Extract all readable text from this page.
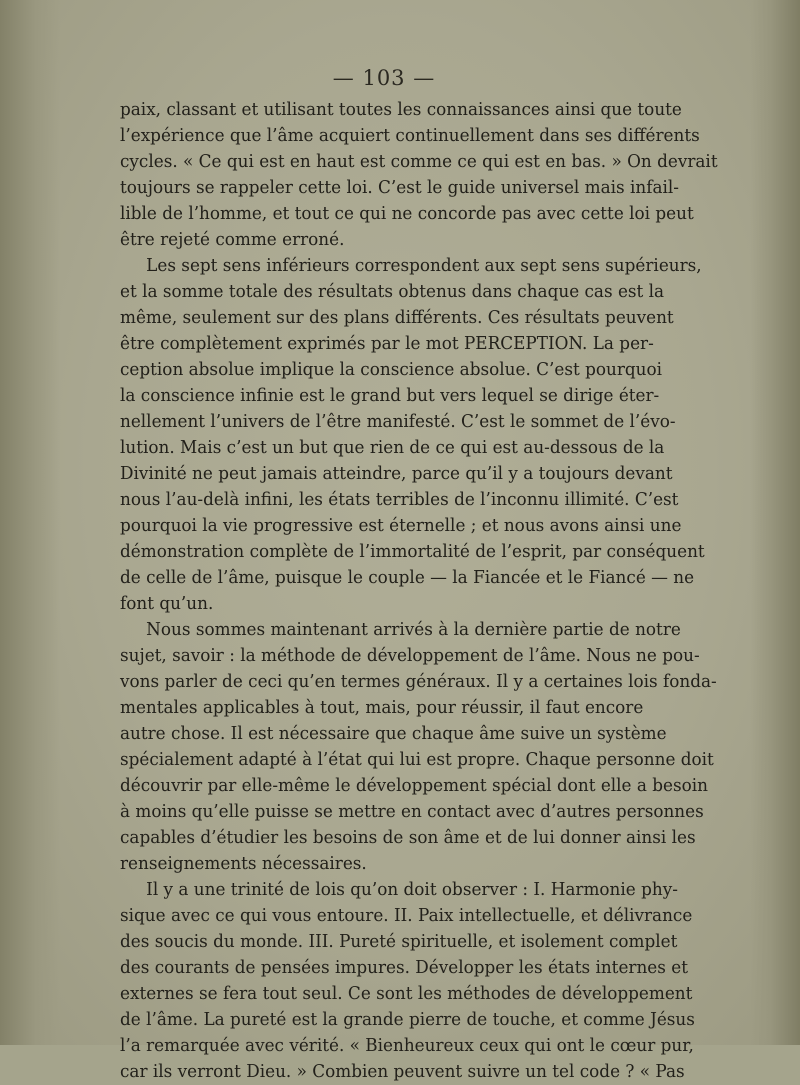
— 103 —
paix, classant et utilisant toutes les connaissances ainsi que toute
l’expérience que l’âme acquiert continuellement dans ses différents
cycles. « Ce qui est en haut est comme ce qui est en bas. » On devrait
toujours se rappeler cette loi. C’est le guide universel mais infail-
lible de l’homme, et tout ce qui ne concorde pas avec cette loi peut
être rejeté comme erroné.
Les sept sens inférieurs correspondent aux sept sens supérieurs,
et la somme totale des résultats obtenus dans chaque cas est la
même, seulement sur des plans différents. Ces résultats peuvent
être complètement exprimés par le mot PERCEPTION. La per-
ception absolue implique la conscience absolue. C’est pourquoi
la conscience infinie est le grand but vers lequel se dirige éter-
nellement l’univers de l’être manifesté. C’est le sommet de l’évo-
lution. Mais c’est un but que rien de ce qui est au-dessous de la
Divinité ne peut jamais atteindre, parce qu’il y a toujours devant
nous l’au-delà infini, les états terribles de l’inconnu illimité. C’est
pourquoi la vie progressive est éternelle ; et nous avons ainsi une
démonstration complète de l’immortalité de l’esprit, par conséquent
de celle de l’âme, puisque le couple — la Fiancée et le Fiancé — ne
font qu’un.
Nous sommes maintenant arrivés à la dernière partie de notre
sujet, savoir : la méthode de développement de l’âme. Nous ne pou-
vons parler de ceci qu’en termes généraux. Il y a certaines lois fonda-
mentales applicables à tout, mais, pour réussir, il faut encore
autre chose. Il est nécessaire que chaque âme suive un système
spécialement adapté à l’état qui lui est propre. Chaque personne doit
découvrir par elle-même le développement spécial dont elle a besoin
à moins qu’elle puisse se mettre en contact avec d’autres personnes
capables d’étudier les besoins de son âme et de lui donner ainsi les
renseignements nécessaires.
Il y a une trinité de lois qu’on doit observer : I. Harmonie phy-
sique avec ce qui vous entoure. II. Paix intellectuelle, et délivrance
des soucis du monde. III. Pureté spirituelle, et isolement complet
des courants de pensées impures. Développer les états internes et
externes se fera tout seul. Ce sont les méthodes de développement
de l’âme. La pureté est la grande pierre de touche, et comme Jésus
l’a remarquée avec vérité. « Bienheureux ceux qui ont le cœur pur,
car ils verront Dieu. » Combien peuvent suivre un tel code ? « Pas
